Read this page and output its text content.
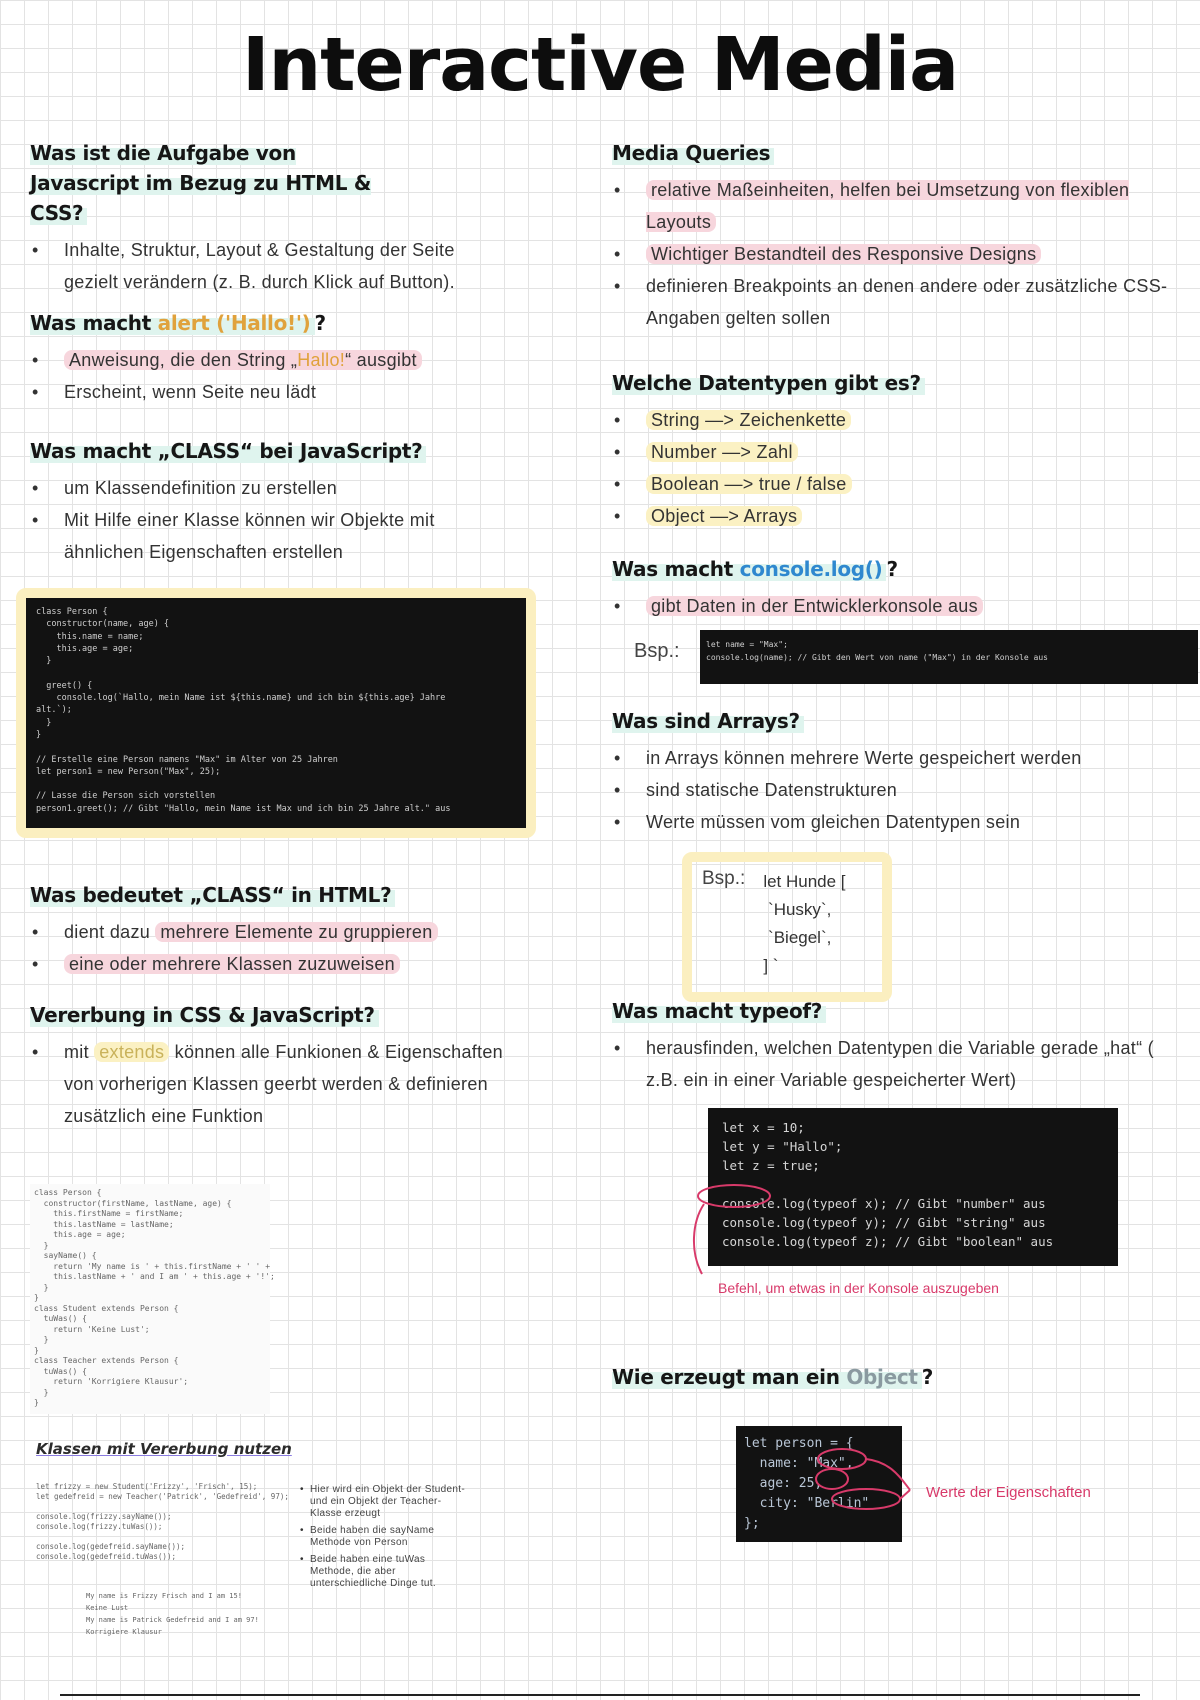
Interactive Media
Was ist die Aufgabe von Javascript im Bezug zu HTML & CSS?
• Inhalte, Struktur, Layout & Gestaltung der Seite gezielt verändern (z. B. durch Klick auf Button).
Was macht alert ('Hallo!') ?
• Anweisung, die den String „Hallo!“ ausgibt
• Erscheint, wenn Seite neu lädt
Was macht „CLASS“ bei JavaScript?
• um Klassendefinition zu erstellen
• Mit Hilfe einer Klasse können wir Objekte mit ähnlichen Eigenschaften erstellen
class Person {
constructor(name, age) {
this.name = name;
this.age = age;
}

greet() {
console.log(`Hallo, mein Name ist ${this.name} und ich bin ${this.age} Jahre
alt.`);
}
}

// Erstelle eine Person namens "Max" im Alter von 25 Jahren
let person1 = new Person("Max", 25);

// Lasse die Person sich vorstellen
person1.greet(); // Gibt "Hallo, mein Name ist Max und ich bin 25 Jahre alt." aus
Was bedeutet „CLASS“ in HTML?
• dient dazu mehrere Elemente zu gruppieren
• eine oder mehrere Klassen zuzuweisen
Vererbung in CSS & JavaScript?
• mit extends können alle Funkionen & Eigenschaften von vorherigen Klassen geerbt werden & definieren zusätzlich eine Funktion
class Person {
constructor(firstName, lastName, age) {
this.firstName = firstName;
this.lastName = lastName;
this.age = age;
}
sayName() {
return 'My name is ' + this.firstName + ' ' +
this.lastName + ' and I am ' + this.age + '!';
}
}
class Student extends Person {
tuWas() {
return 'Keine Lust';
}
}
class Teacher extends Person {
tuWas() {
return 'Korrigiere Klausur';
}
}
Klassen mit Vererbung nutzen
let frizzy = new Student('Frizzy', 'Frisch', 15);
let gedefreid = new Teacher('Patrick', 'Gedefreid', 97);

console.log(frizzy.sayName());
console.log(frizzy.tuWas());

console.log(gedefreid.sayName());
console.log(gedefreid.tuWas());
My name is Frizzy Frisch and I am 15!
Keine Lust
My name is Patrick Gedefreid and I am 97!
Korrigiere Klausur
• Hier wird ein Objekt der Student- und ein Objekt der Teacher-Klasse erzeugt
• Beide haben die sayName Methode von Person
• Beide haben eine tuWas Methode, die aber unterschiedliche Dinge tut.
Media Queries
• relative Maßeinheiten, helfen bei Umsetzung von flexiblen Layouts
• Wichtiger Bestandteil des Responsive Designs
• definieren Breakpoints an denen andere oder zusätzliche CSS-Angaben gelten sollen
Welche Datentypen gibt es?
• String —> Zeichenkette
• Number —> Zahl
• Boolean —> true / false
• Object —> Arrays
Was macht console.log() ?
• gibt Daten in der Entwicklerkonsole aus
Bsp.:	let name = "Max";
console.log(name); // Gibt den Wert von name ("Max") in der Konsole aus
Was sind Arrays?
• in Arrays können mehrere Werte gespeichert werden
• sind statische Datenstrukturen
• Werte müssen vom gleichen Datentypen sein
Bsp.: let Hunde [
`Husky`,
`Biegel`,
] `
Was macht typeof?
• herausfinden, welchen Datentypen die Variable gerade „hat“ ( z.B. ein in einer Variable gespeicherter Wert)
let x = 10;
let y = "Hallo";
let z = true;

console.log(typeof x); // Gibt "number" aus
console.log(typeof y); // Gibt "string" aus
console.log(typeof z); // Gibt "boolean" aus
Befehl, um etwas in der Konsole auszugeben
Wie erzeugt man ein Object ?
let person = {
name: "Max",
age: 25,
city: "Berlin"
};
Werte der Eigenschaften
